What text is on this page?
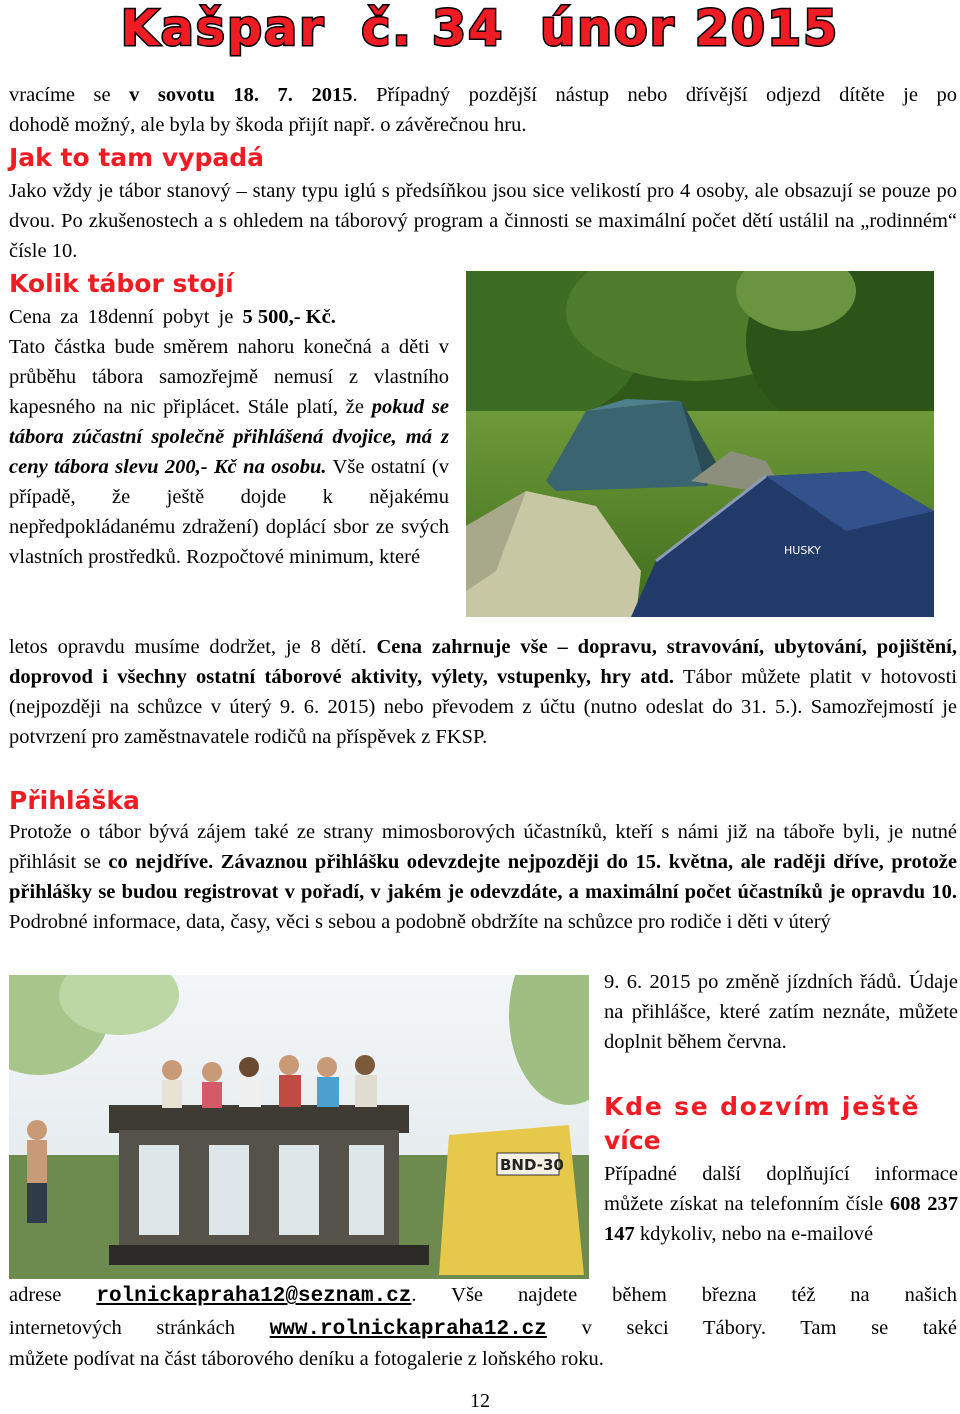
Kašpar č. 34 únor 2015
vracíme se v sovotu 18. 7. 2015. Případný pozdější nástup nebo dřívější odjezd dítěte je po
dohodě možný, ale byla by škoda přijít např. o závěrečnou hru.
Jak to tam vypadá
Jako vždy je tábor stanový – stany typu iglú s předsíňkou jsou sice velikostí pro 4 osoby, ale obsazují se pouze po dvou. Po zkušenostech a s ohledem na táborový program a činnosti se maximální počet dětí ustálil na „rodinném“ čísle 10.
Kolik tábor stojí
Cena za 18denní pobyt je 5 500,- Kč.
HUSKY
Tato částka bude směrem nahoru konečná a děti v průběhu tábora samozřejmě nemusí z vlastního kapesného na nic připlácet. Stále platí, že pokud se tábora zúčastní společně přihlášená dvojice, má z ceny tábora slevu 200,- Kč na osobu. Vše ostatní (v případě, že ještě dojde k nějakému nepředpokládanému zdražení) doplácí sbor ze svých vlastních prostředků. Rozpočtové minimum, které
letos opravdu musíme dodržet, je 8 dětí. Cena zahrnuje vše – dopravu, stravování, ubytování, pojištění, doprovod i všechny ostatní táborové aktivity, výlety, vstupenky, hry atd. Tábor můžete platit v hotovosti (nejpozději na schůzce v úterý 9. 6. 2015) nebo převodem z účtu (nutno odeslat do 31. 5.). Samozřejmostí je potvrzení pro zaměstnavatele rodičů na příspěvek z FKSP.
Přihláška
Protože o tábor bývá zájem také ze strany mimosborových účastníků, kteří s námi již na táboře byli, je nutné přihlásit se co nejdříve. Závaznou přihlášku odevzdejte nejpozději do 15. května, ale raději dříve, protože přihlášky se budou registrovat v pořadí, v jakém je odevzdáte, a maximální počet účastníků je opravdu 10. Podrobné informace, data, časy, věci s sebou a podobně obdržíte na schůzce pro rodiče i děti v úterý
BND-30
9. 6. 2015 po změně jízdních řádů. Údaje na přihlášce, které zatím neznáte, můžete doplnit během června.
Kde se dozvím ještě
více
Případné další doplňující informace můžete získat na telefonním čísle 608 237 147 kdykoliv, nebo na e-mailové
adrese rolnickapraha12@seznam.cz. Vše najdete během března též na našich
internetových stránkách www.rolnickapraha12.cz v sekci Tábory. Tam se také
můžete podívat na část táborového deníku a fotogalerie z loňského roku.
12
